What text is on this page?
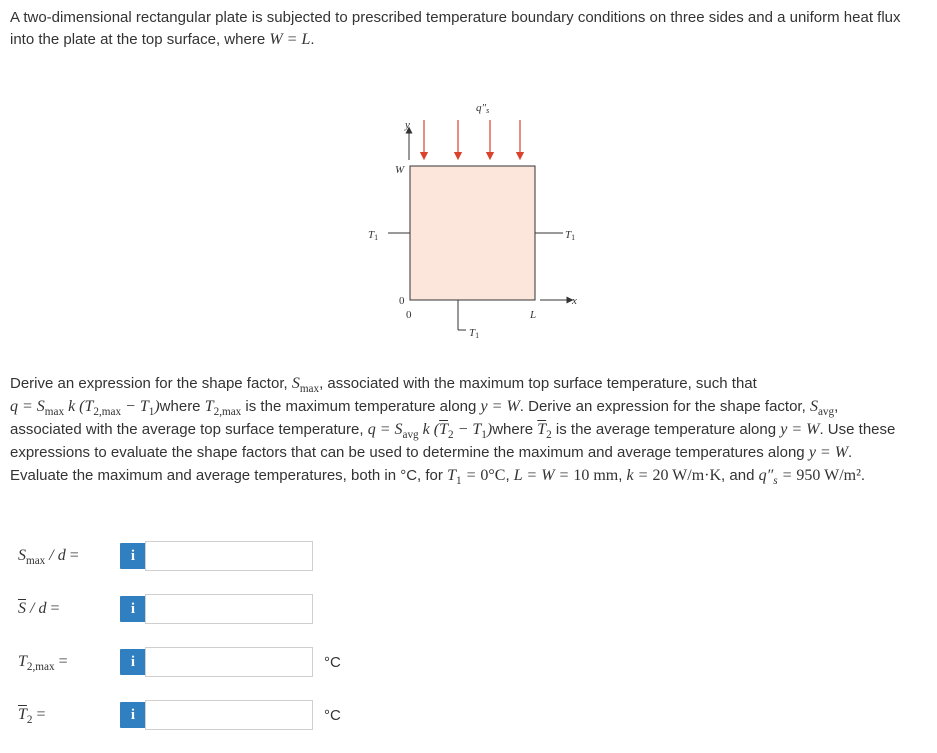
A two-dimensional rectangular plate is subjected to prescribed temperature boundary conditions on three sides and a uniform heat flux into the plate at the top surface, where W = L.

q″s
y
W
T1	T1
T1
0
0	L
x

Derive an expression for the shape factor, $S_{max}$, associated with the maximum top surface temperature, such that
$q = S_{max}$ k ($T_{2,max}$ − $T_1)where$ $T_{2,max}$ is the maximum temperature along y = W. Derive an expression for the shape factor, $S_{avg}$,
associated with the average top surface temperature, $q = S_{avg}$ k ($\overline{T}_2$ − $T_1)where$ $\overline{T}_2$ is the average temperature along y = W. Use these expressions to evaluate the shape factors that can be used to determine the maximum and average temperatures along y = W.
Evaluate the maximum and average temperatures, both in °C, for $T_1 = 0^\circ C$, L = W = 10 mm, k = 20 W/m·K, and $q''_s = 950$ W/m².

$S_{max}$ / d =	i
$\overline{S}$ / d =	i
$T_{2,max}$ =	i	°C
$\overline{T}_2$ =	i	°C
